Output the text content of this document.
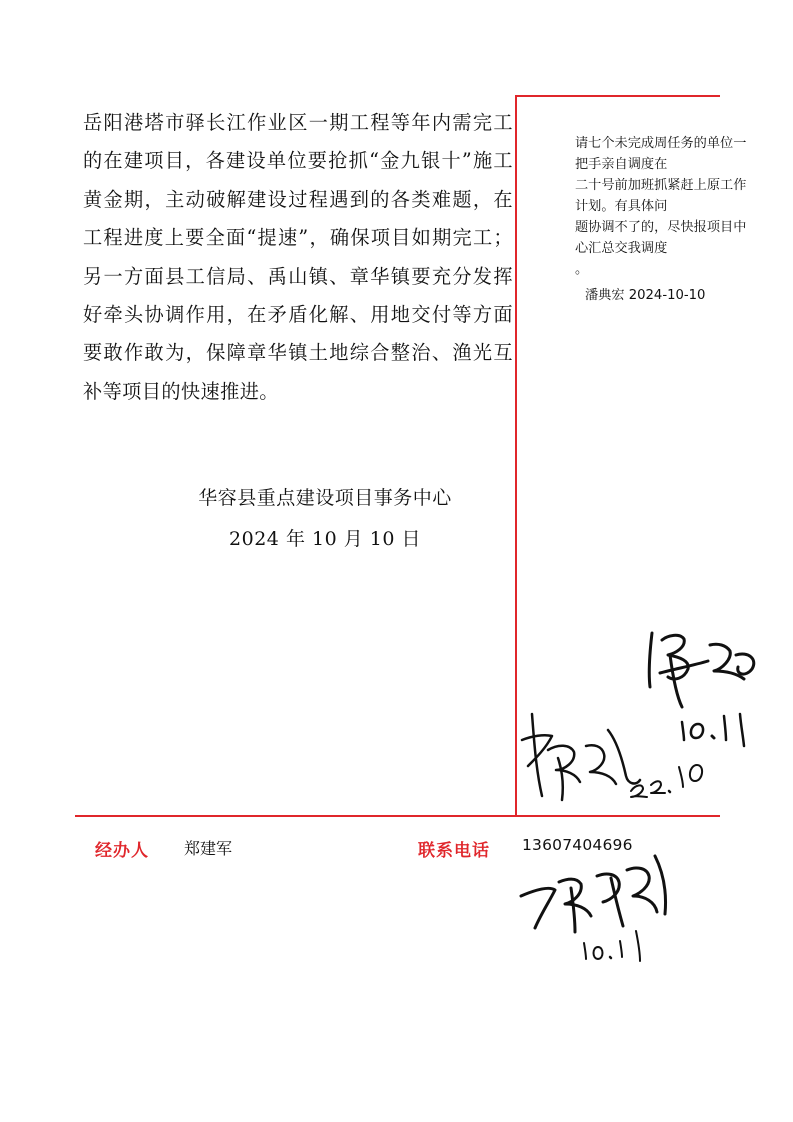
岳阳港塔市驿长江作业区一期工程等年内需完工的在建项目，各建设单位要抢抓“金九银十”施工黄金期，主动破解建设过程遇到的各类难题，在工程进度上要全面“提速”，确保项目如期完工；另一方面县工信局、禹山镇、章华镇要充分发挥好牵头协调作用，在矛盾化解、用地交付等方面要敢作敢为，保障章华镇土地综合整治、渔光互补等项目的快速推进。

华容县重点建设项目事务中心
2024 年 10 月 10 日
请七个未完成周任务的单位一
把手亲自调度在
二十号前加班抓紧赶上原工作
计划。有具体问
题协调不了的，尽快报项目中
心汇总交我调度
。
潘典宏 2024-10-10
经办人 郑建军	联系电话 13607404696
